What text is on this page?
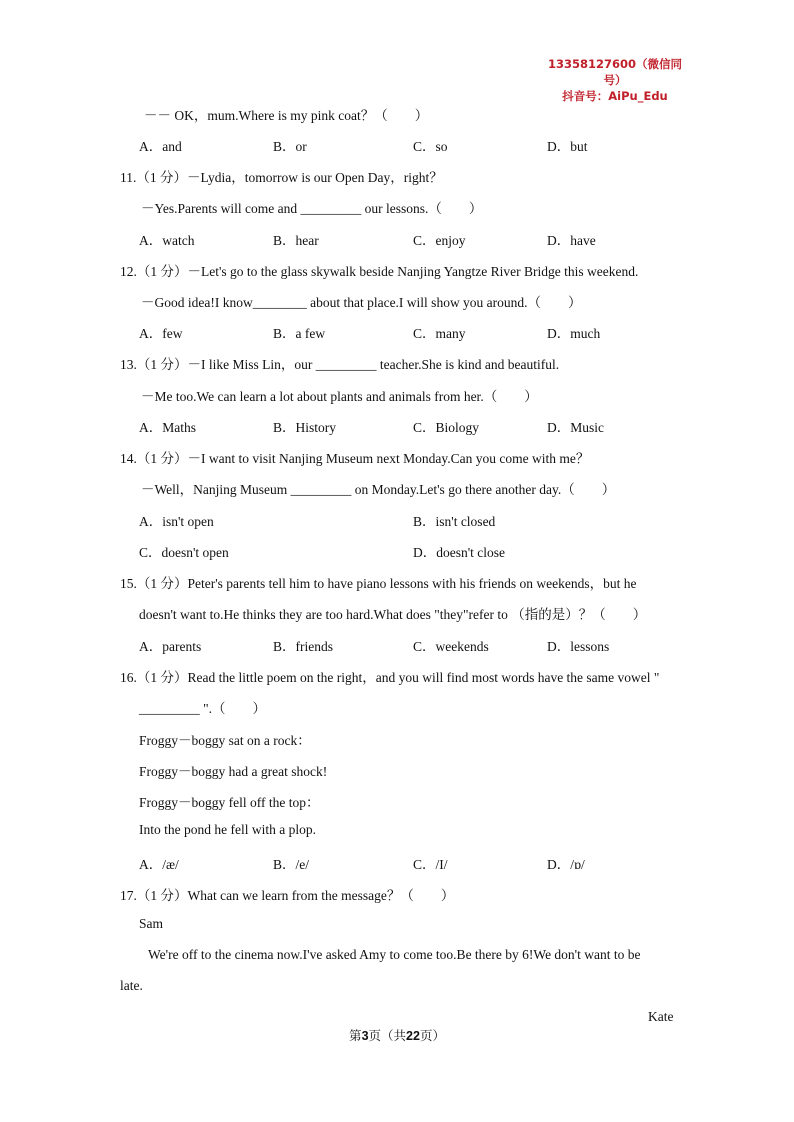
13358127600（微信同号）
抖音号：AiPu_Edu
－－ OK，mum.Where is my pink coat？（　　）
A．and	B．or	C．so	D．but
11.（1 分）－Lydia，tomorrow is our Open Day，right？
－Yes.Parents will come and _________ our lessons.（　　）
A．watch	B．hear	C．enjoy	D．have
12.（1 分）－Let's go to the glass skywalk beside Nanjing Yangtze River Bridge this weekend.
－Good idea!I know________ about that place.I will show you around.（　　）
A．few	B．a few	C．many	D．much
13.（1 分）－I like Miss Lin，our _________ teacher.She is kind and beautiful.
－Me too.We can learn a lot about plants and animals from her.（　　）
A．Maths	B．History	C．Biology	D．Music
14.（1 分）－I want to visit Nanjing Museum next Monday.Can you come with me？
－Well，Nanjing Museum _________ on Monday.Let's go there another day.（　　）
A．isn't open	B．isn't closed
C．doesn't open	D．doesn't close
15.（1 分）Peter's parents tell him to have piano lessons with his friends on weekends，but he
doesn't want to.He thinks they are too hard.What does "they"refer to （指的是）？（　　）
A．parents	B．friends	C．weekends	D．lessons
16.（1 分）Read the little poem on the right，and you will find most words have the same vowel "
_________ ".（　　）
Froggy－boggy sat on a rock：
Froggy－boggy had a great shock!
Froggy－boggy fell off the top：
Into the pond he fell with a plop.
A．/æ/	B．/e/	C．/I/	D．/ɒ/
17.（1 分）What can we learn from the message？（　　）
Sam
We're off to the cinema now.I've asked Amy to come too.Be there by 6!We don't want to be
late.
Kate
第3页（共22页）
